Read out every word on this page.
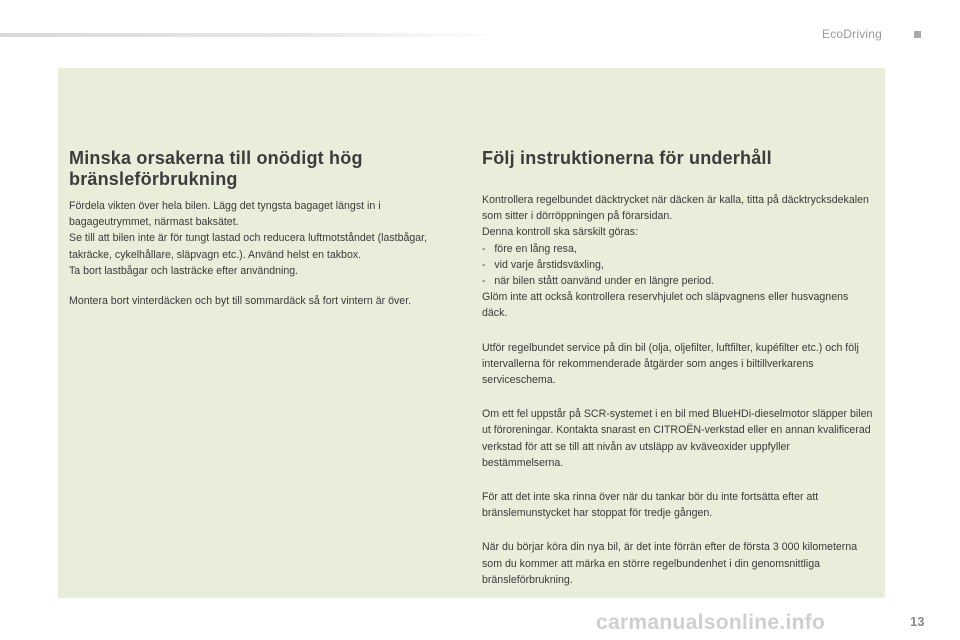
EcoDriving
Minska orsakerna till onödigt hög bränsleförbrukning

Fördela vikten över hela bilen. Lägg det tyngsta bagaget längst in i bagageutrymmet, närmast baksätet.
Se till att bilen inte är för tungt lastad och reducera luftmotståndet (lastbågar, takräcke, cykelhållare, släpvagn etc.). Använd helst en takbox.
Ta bort lastbågar och lasträcke efter användning.

Montera bort vinterdäcken och byt till sommardäck så fort vintern är över.

Följ instruktionerna för underhåll

Kontrollera regelbundet däcktrycket när däcken är kalla, titta på däcktrycksdekalen som sitter i dörröppningen på förarsidan.
Denna kontroll ska särskilt göras:
-   före en lång resa,
-   vid varje årstidsväxling,
-   när bilen stått oanvänd under en längre period.
Glöm inte att också kontrollera reservhjulet och släpvagnens eller husvagnens däck.

Utför regelbundet service på din bil (olja, oljefilter, luftfilter, kupéfilter etc.) och följ intervallerna för rekommenderade åtgärder som anges i biltillverkarens serviceschema.

Om ett fel uppstår på SCR-systemet i en bil med BlueHDi-dieselmotor släpper bilen ut föroreningar. Kontakta snarast en CITROËN-verkstad eller en annan kvalificerad verkstad för att se till att nivån av utsläpp av kväveoxider uppfyller bestämmelserna.

För att det inte ska rinna över när du tankar bör du inte fortsätta efter att bränslemunstycket har stoppat för tredje gången.

När du börjar köra din nya bil, är det inte förrän efter de första 3 000 kilometerna som du kommer att märka en större regelbundenhet i din genomsnittliga bränsleförbrukning.

carmanualsonline.info	13
